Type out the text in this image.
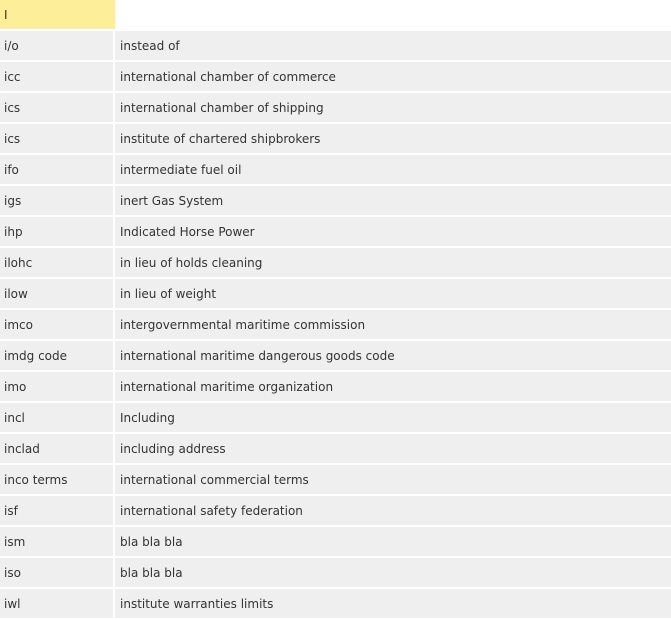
I	
i/o	instead of
icc	international chamber of commerce
ics	international chamber of shipping
ics	institute of chartered shipbrokers
ifo	intermediate fuel oil
igs	inert Gas System
ihp	Indicated Horse Power
ilohc	in lieu of holds cleaning
ilow	in lieu of weight
imco	intergovernmental maritime commission
imdg code	international maritime dangerous goods code
imo	international maritime organization
incl	Including
inclad	including address
inco terms	international commercial terms
isf	international safety federation
ism	bla bla bla
iso	bla bla bla
iwl	institute warranties limits
